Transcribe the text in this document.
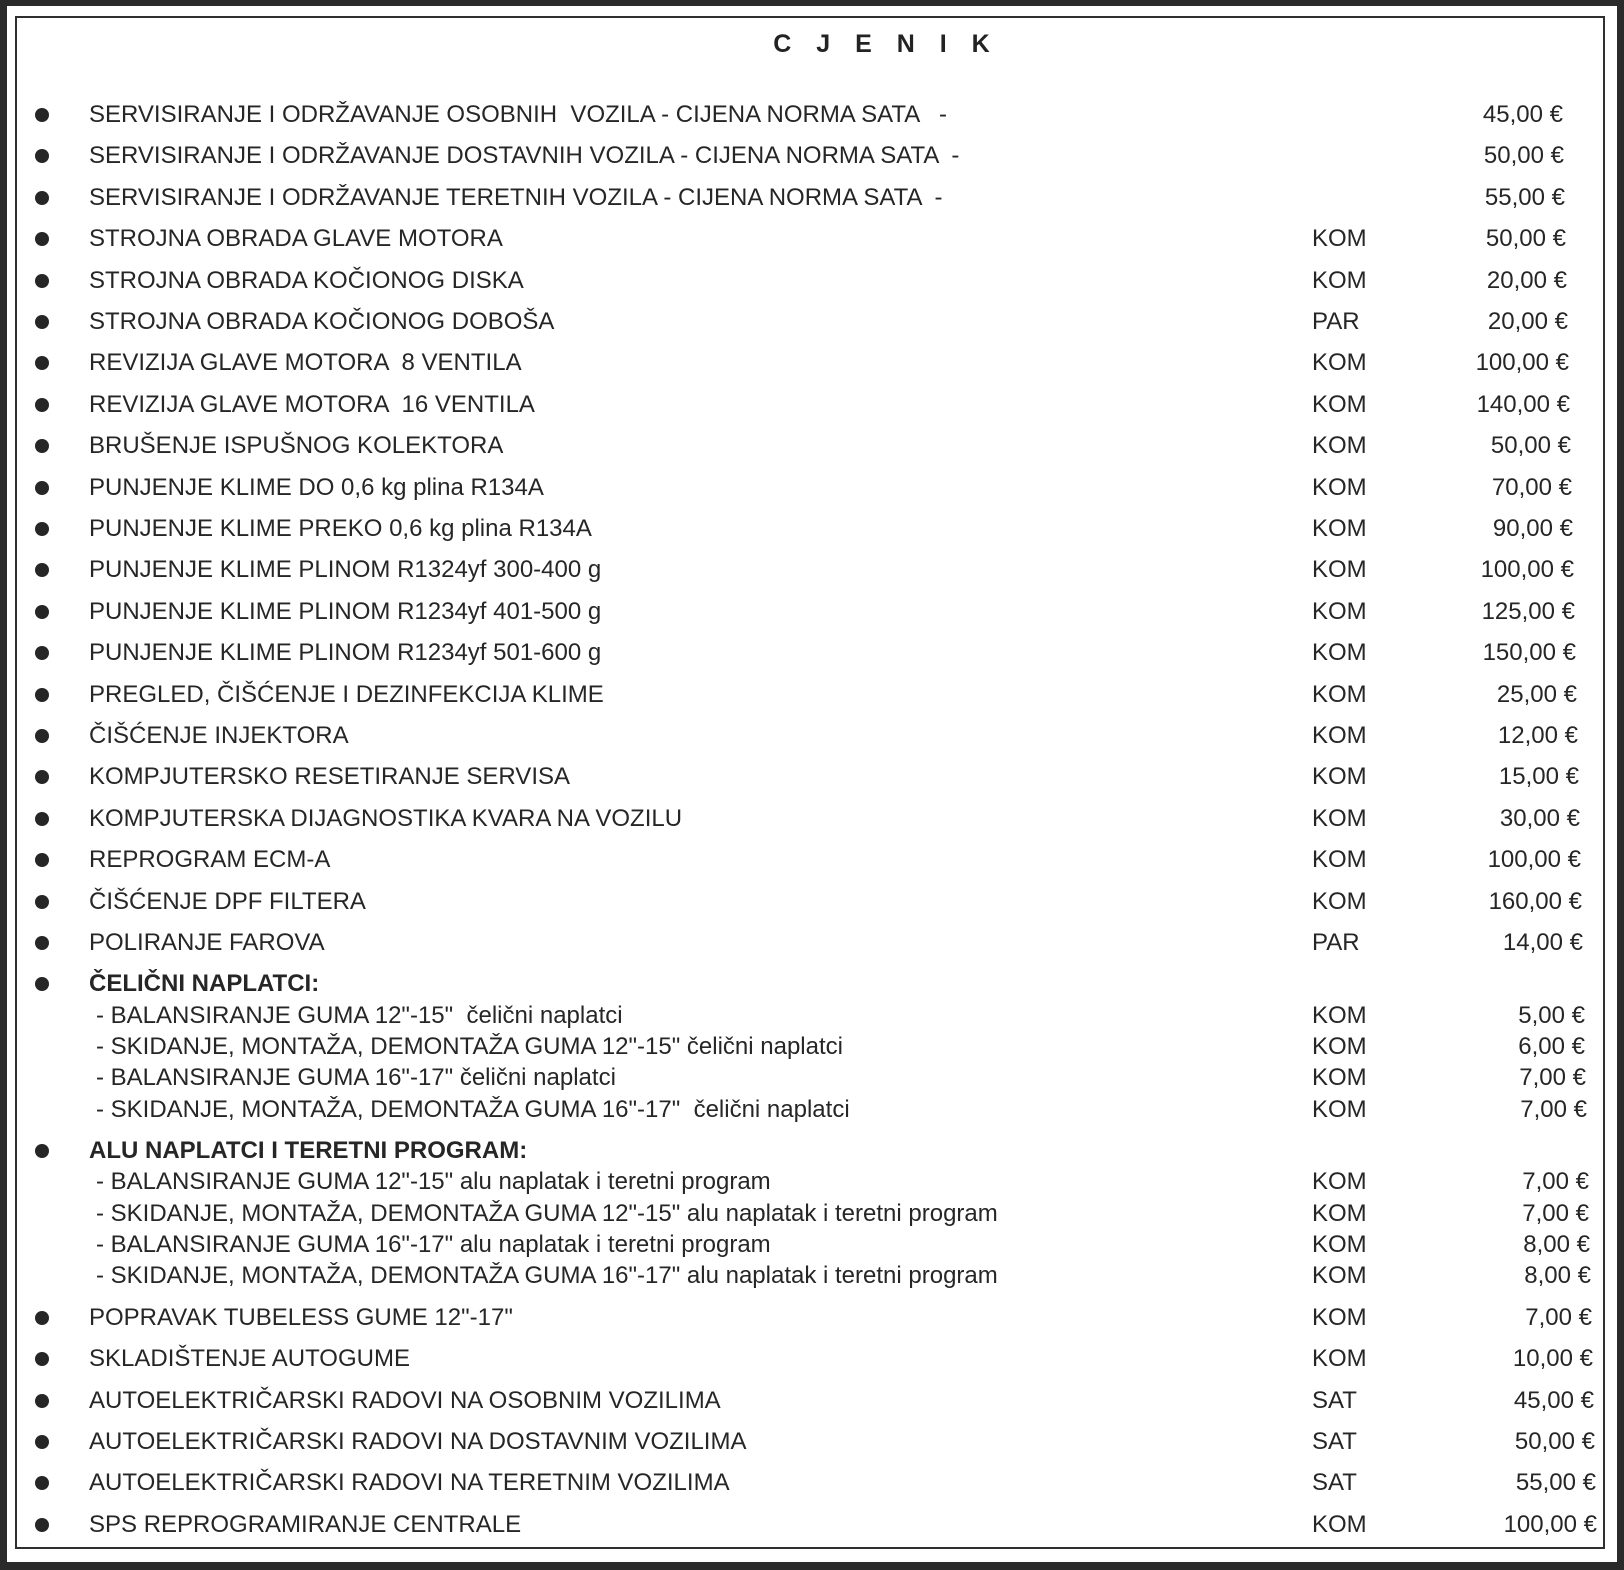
C J E N I K
SERVISIRANJE I ODRŽAVANJE OSOBNIH  VOZILA - CIJENA NORMA SATA   -	45,00 €
SERVISIRANJE I ODRŽAVANJE DOSTAVNIH VOZILA - CIJENA NORMA SATA  -	50,00 €
SERVISIRANJE I ODRŽAVANJE TERETNIH VOZILA - CIJENA NORMA SATA  -	55,00 €
STROJNA OBRADA GLAVE MOTORA	KOM	50,00 €
STROJNA OBRADA KOČIONOG DISKA	KOM	20,00 €
STROJNA OBRADA KOČIONOG DOBOŠA	PAR	20,00 €
REVIZIJA GLAVE MOTORA  8 VENTILA	KOM	100,00 €
REVIZIJA GLAVE MOTORA  16 VENTILA	KOM	140,00 €
BRUŠENJE ISPUŠNOG KOLEKTORA	KOM	50,00 €
PUNJENJE KLIME DO 0,6 kg plina R134A	KOM	70,00 €
PUNJENJE KLIME PREKO 0,6 kg plina R134A	KOM	90,00 €
PUNJENJE KLIME PLINOM R1324yf 300-400 g	KOM	100,00 €
PUNJENJE KLIME PLINOM R1234yf 401-500 g	KOM	125,00 €
PUNJENJE KLIME PLINOM R1234yf 501-600 g	KOM	150,00 €
PREGLED, ČIŠĆENJE I DEZINFEKCIJA KLIME	KOM	25,00 €
ČIŠĆENJE INJEKTORA	KOM	12,00 €
KOMPJUTERSKO RESETIRANJE SERVISA	KOM	15,00 €
KOMPJUTERSKA DIJAGNOSTIKA KVARA NA VOZILU	KOM	30,00 €
REPROGRAM ECM-A	KOM	100,00 €
ČIŠĆENJE DPF FILTERA	KOM	160,00 €
POLIRANJE FAROVA	PAR	14,00 €
ČELIČNI NAPLATCI:
- BALANSIRANJE GUMA 12"-15"  čelični naplatci	KOM	5,00 €
- SKIDANJE, MONTAŽA, DEMONTAŽA GUMA 12"-15" čelični naplatci	KOM	6,00 €
- BALANSIRANJE GUMA 16"-17" čelični naplatci	KOM	7,00 €
- SKIDANJE, MONTAŽA, DEMONTAŽA GUMA 16"-17"  čelični naplatci	KOM	7,00 €
ALU NAPLATCI I TERETNI PROGRAM:
- BALANSIRANJE GUMA 12"-15" alu naplatak i teretni program	KOM	7,00 €
- SKIDANJE, MONTAŽA, DEMONTAŽA GUMA 12"-15" alu naplatak i teretni program	KOM	7,00 €
- BALANSIRANJE GUMA 16"-17" alu naplatak i teretni program	KOM	8,00 €
- SKIDANJE, MONTAŽA, DEMONTAŽA GUMA 16"-17" alu naplatak i teretni program	KOM	8,00 €
POPRAVAK TUBELESS GUME 12"-17"	KOM	7,00 €
SKLADIŠTENJE AUTOGUME	KOM	10,00 €
AUTOELEKTRIČARSKI RADOVI NA OSOBNIM VOZILIMA	SAT	45,00 €
AUTOELEKTRIČARSKI RADOVI NA DOSTAVNIM VOZILIMA	SAT	50,00 €
AUTOELEKTRIČARSKI RADOVI NA TERETNIM VOZILIMA	SAT	55,00 €
SPS REPROGRAMIRANJE CENTRALE	KOM	100,00 €
